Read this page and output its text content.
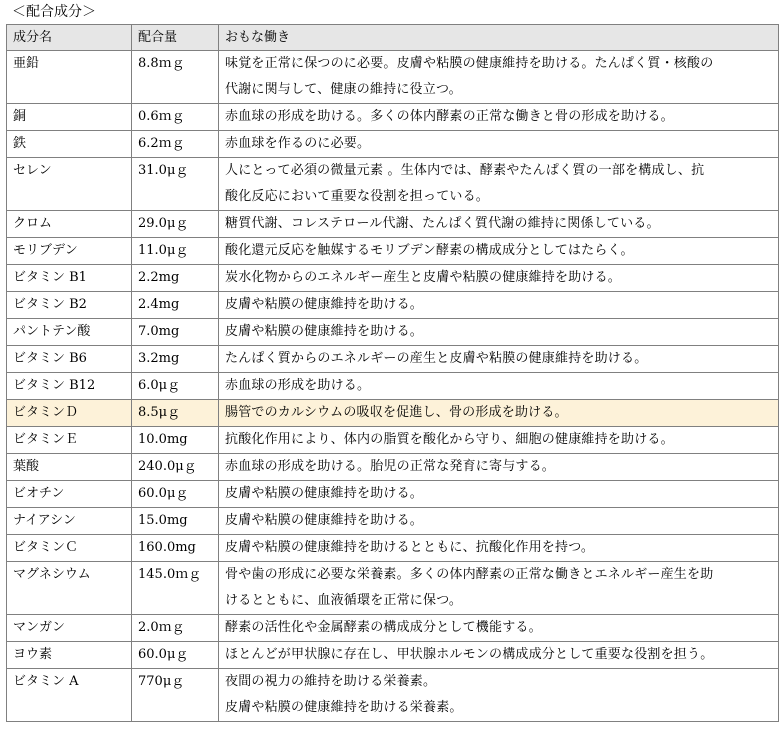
＜配合成分＞
成分名	配合量	おもな働き
亜鉛	8.8ｍｇ	味覚を正常に保つのに必要。皮膚や粘膜の健康維持を助ける。たんぱく質・核酸の
代謝に関与して、健康の維持に役立つ。

銅	0.6ｍｇ	赤血球の形成を助ける。多くの体内酵素の正常な働きと骨の形成を助ける。

鉄	6.2ｍｇ	赤血球を作るのに必要。

セレン	31.0μｇ	人にとって必須の微量元素 。生体内では、酵素やたんぱく質の一部を構成し、抗
酸化反応において重要な役割を担っている。

クロム	29.0μｇ	糖質代謝、コレステロール代謝、たんぱく質代謝の維持に関係している。

モリブデン	11.0μｇ	酸化還元反応を触媒するモリブデン酵素の構成成分としてはたらく。

ビタミン B1	2.2mg	炭水化物からのエネルギー産生と皮膚や粘膜の健康維持を助ける。

ビタミン B2	2.4mg	皮膚や粘膜の健康維持を助ける。

パントテン酸	7.0mg	皮膚や粘膜の健康維持を助ける。

ビタミン B6	3.2mg	たんぱく質からのエネルギーの産生と皮膚や粘膜の健康維持を助ける。

ビタミン B12	6.0μｇ	赤血球の形成を助ける。

ビタミンＤ	8.5μｇ	腸管でのカルシウムの吸収を促進し、骨の形成を助ける。

ビタミンＥ	10.0mg	抗酸化作用により、体内の脂質を酸化から守り、細胞の健康維持を助ける。

葉酸	240.0μｇ	赤血球の形成を助ける。胎児の正常な発育に寄与する。

ビオチン	60.0μｇ	皮膚や粘膜の健康維持を助ける。

ナイアシン	15.0mg	皮膚や粘膜の健康維持を助ける。

ビタミンＣ	160.0mg	皮膚や粘膜の健康維持を助けるとともに、抗酸化作用を持つ。

マグネシウム	145.0ｍｇ	骨や歯の形成に必要な栄養素。多くの体内酵素の正常な働きとエネルギー産生を助
けるとともに、血液循環を正常に保つ。

マンガン	2.0ｍｇ	酵素の活性化や金属酵素の構成成分として機能する。

ヨウ素	60.0μｇ	ほとんどが甲状腺に存在し、甲状腺ホルモンの構成成分として重要な役割を担う。

ビタミン A	770μｇ	夜間の視力の維持を助ける栄養素。
皮膚や粘膜の健康維持を助ける栄養素。
